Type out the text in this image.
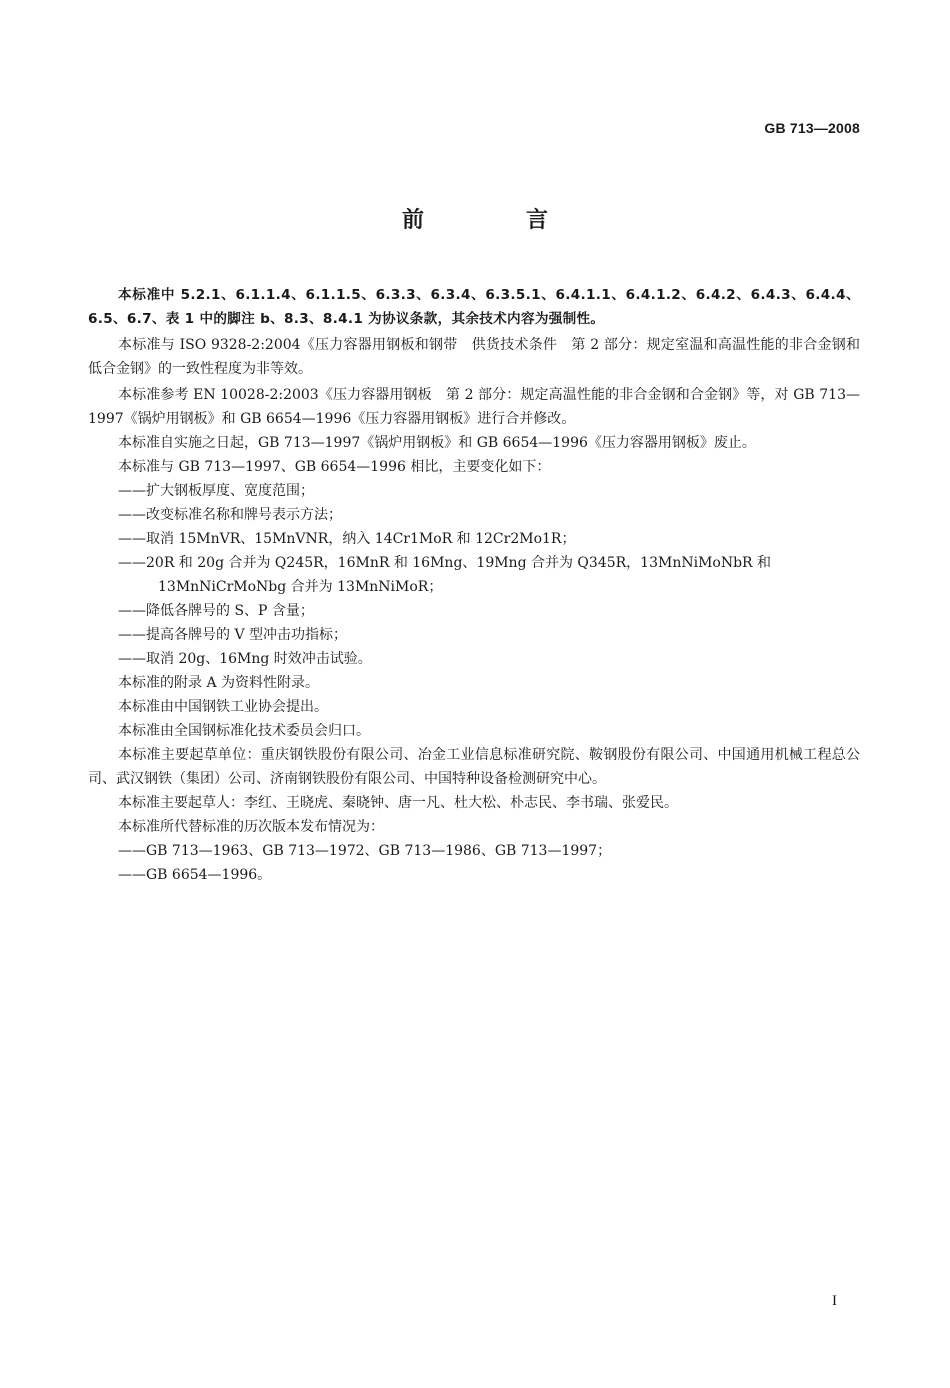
GB 713—2008
前　言

本标准中 5.2.1、6.1.1.4、6.1.1.5、6.3.3、6.3.4、6.3.5.1、6.4.1.1、6.4.1.2、6.4.2、6.4.3、6.4.4、6.5、6.7、表 1 中的脚注 b、8.3、8.4.1 为协议条款，其余技术内容为强制性。

本标准与 ISO 9328-2:2004《压力容器用钢板和钢带　供货技术条件　第 2 部分：规定室温和高温性能的非合金钢和低合金钢》的一致性程度为非等效。

本标准参考 EN 10028-2:2003《压力容器用钢板　第 2 部分：规定高温性能的非合金钢和合金钢》等，对 GB 713—1997《锅炉用钢板》和 GB 6654—1996《压力容器用钢板》进行合并修改。

本标准自实施之日起，GB 713—1997《锅炉用钢板》和 GB 6654—1996《压力容器用钢板》废止。

本标准与 GB 713—1997、GB 6654—1996 相比，主要变化如下：

——扩大钢板厚度、宽度范围；

——改变标准名称和牌号表示方法；

——取消 15MnVR、15MnVNR，纳入 14Cr1MoR 和 12Cr2Mo1R；

——20R 和 20g 合并为 Q245R，16MnR 和 16Mng、19Mng 合并为 Q345R，13MnNiMoNbR 和
13MnNiCrMoNbg 合并为 13MnNiMoR；

——降低各牌号的 S、P 含量；

——提高各牌号的 V 型冲击功指标；

——取消 20g、16Mng 时效冲击试验。

本标准的附录 A 为资料性附录。

本标准由中国钢铁工业协会提出。

本标准由全国钢标准化技术委员会归口。

本标准主要起草单位：重庆钢铁股份有限公司、冶金工业信息标准研究院、鞍钢股份有限公司、中国通用机械工程总公司、武汉钢铁（集团）公司、济南钢铁股份有限公司、中国特种设备检测研究中心。

本标准主要起草人：李红、王晓虎、秦晓钟、唐一凡、杜大松、朴志民、李书瑞、张爱民。

本标准所代替标准的历次版本发布情况为：

——GB 713—1963、GB 713—1972、GB 713—1986、GB 713—1997；

——GB 6654—1996。

I
